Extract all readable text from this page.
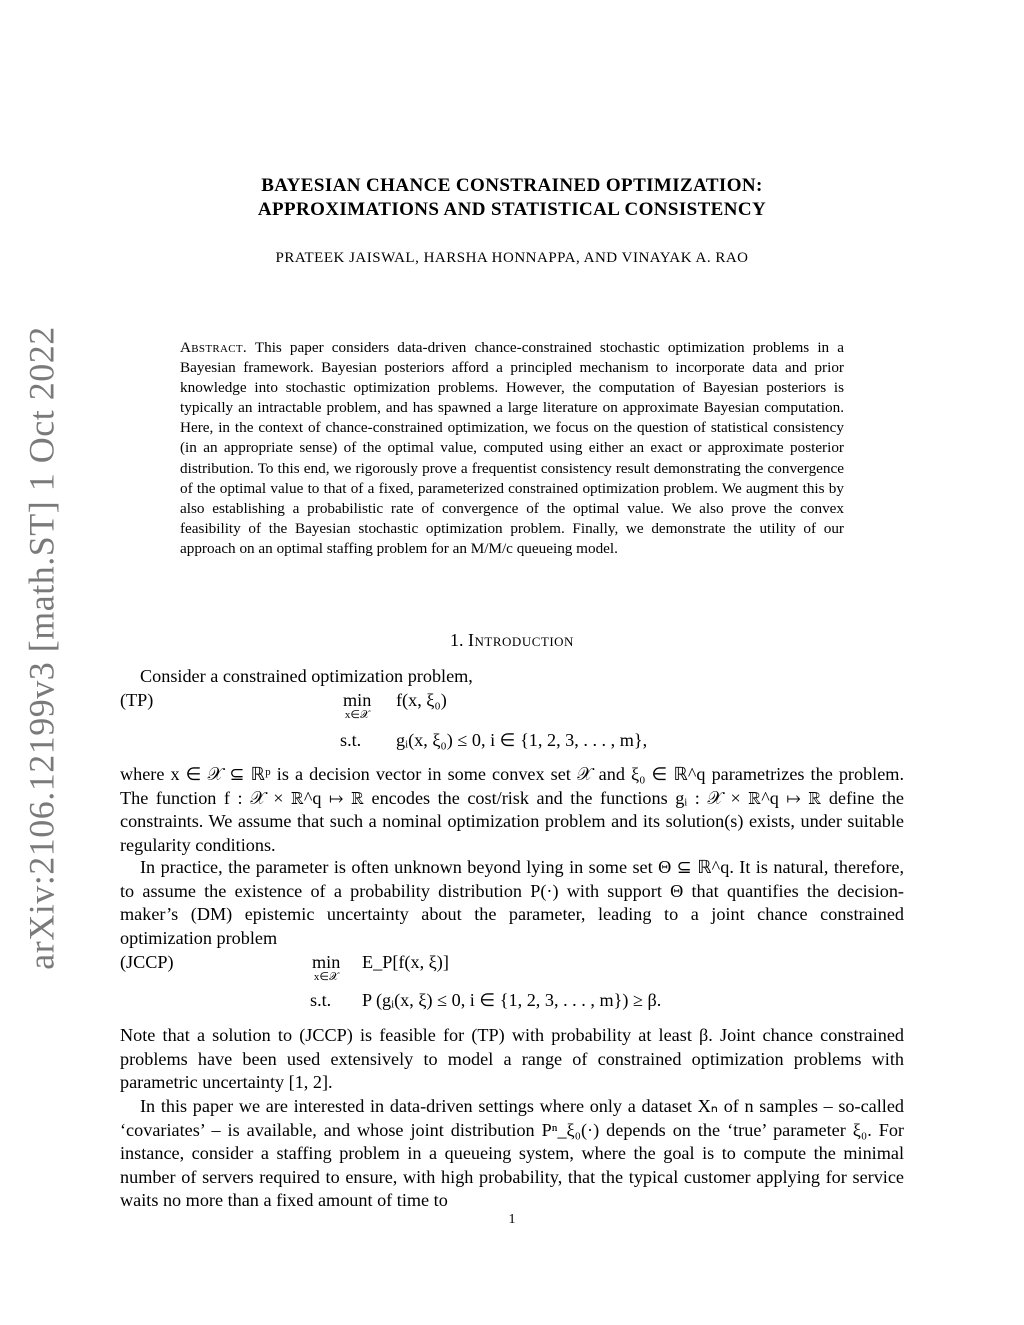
arXiv:2106.12199v3 [math.ST] 1 Oct 2022
BAYESIAN CHANCE CONSTRAINED OPTIMIZATION:
APPROXIMATIONS AND STATISTICAL CONSISTENCY
PRATEEK JAISWAL, HARSHA HONNAPPA, AND VINAYAK A. RAO
Abstract. This paper considers data-driven chance-constrained stochastic optimization problems in a Bayesian framework. Bayesian posteriors afford a principled mechanism to incorporate data and prior knowledge into stochastic optimization problems. However, the computation of Bayesian posteriors is typically an intractable problem, and has spawned a large literature on approximate Bayesian computation. Here, in the context of chance-constrained optimization, we focus on the question of statistical consistency (in an appropriate sense) of the optimal value, computed using either an exact or approximate posterior distribution. To this end, we rigorously prove a frequentist consistency result demonstrating the convergence of the optimal value to that of a fixed, parameterized constrained optimization problem. We augment this by also establishing a probabilistic rate of convergence of the optimal value. We also prove the convex feasibility of the Bayesian stochastic optimization problem. Finally, we demonstrate the utility of our approach on an optimal staffing problem for an M/M/c queueing model.
1. Introduction

Consider a constrained optimization problem,

(TP)	min
x∈𝒳
f(x, ξ₀)
s.t. gᵢ(x, ξ₀) ≤ 0, i ∈ {1, 2, 3, . . . , m},

where x ∈ 𝒳 ⊆ ℝᵖ is a decision vector in some convex set 𝒳 and ξ₀ ∈ ℝ^q parametrizes the problem. The function f : 𝒳 × ℝ^q ↦ ℝ encodes the cost/risk and the functions gᵢ : 𝒳 × ℝ^q ↦ ℝ define the constraints. We assume that such a nominal optimization problem and its solution(s) exists, under suitable regularity conditions.

In practice, the parameter is often unknown beyond lying in some set Θ ⊆ ℝ^q. It is natural, therefore, to assume the existence of a probability distribution P(·) with support Θ that quantifies the decision-maker’s (DM) epistemic uncertainty about the parameter, leading to a joint chance constrained optimization problem

(JCCP)	min
x∈𝒳
E_P[f(x, ξ)]
s.t. P (gᵢ(x, ξ) ≤ 0, i ∈ {1, 2, 3, . . . , m}) ≥ β.

Note that a solution to (JCCP) is feasible for (TP) with probability at least β. Joint chance constrained problems have been used extensively to model a range of constrained optimization problems with parametric uncertainty [1, 2].

In this paper we are interested in data-driven settings where only a dataset Xₙ of n samples – so-called ‘covariates’ – is available, and whose joint distribution Pⁿ_ξ₀(·) depends on the ‘true’ parameter ξ₀. For instance, consider a staffing problem in a queueing system, where the goal is to compute the minimal number of servers required to ensure, with high probability, that the typical customer applying for service waits no more than a fixed amount of time to

1
